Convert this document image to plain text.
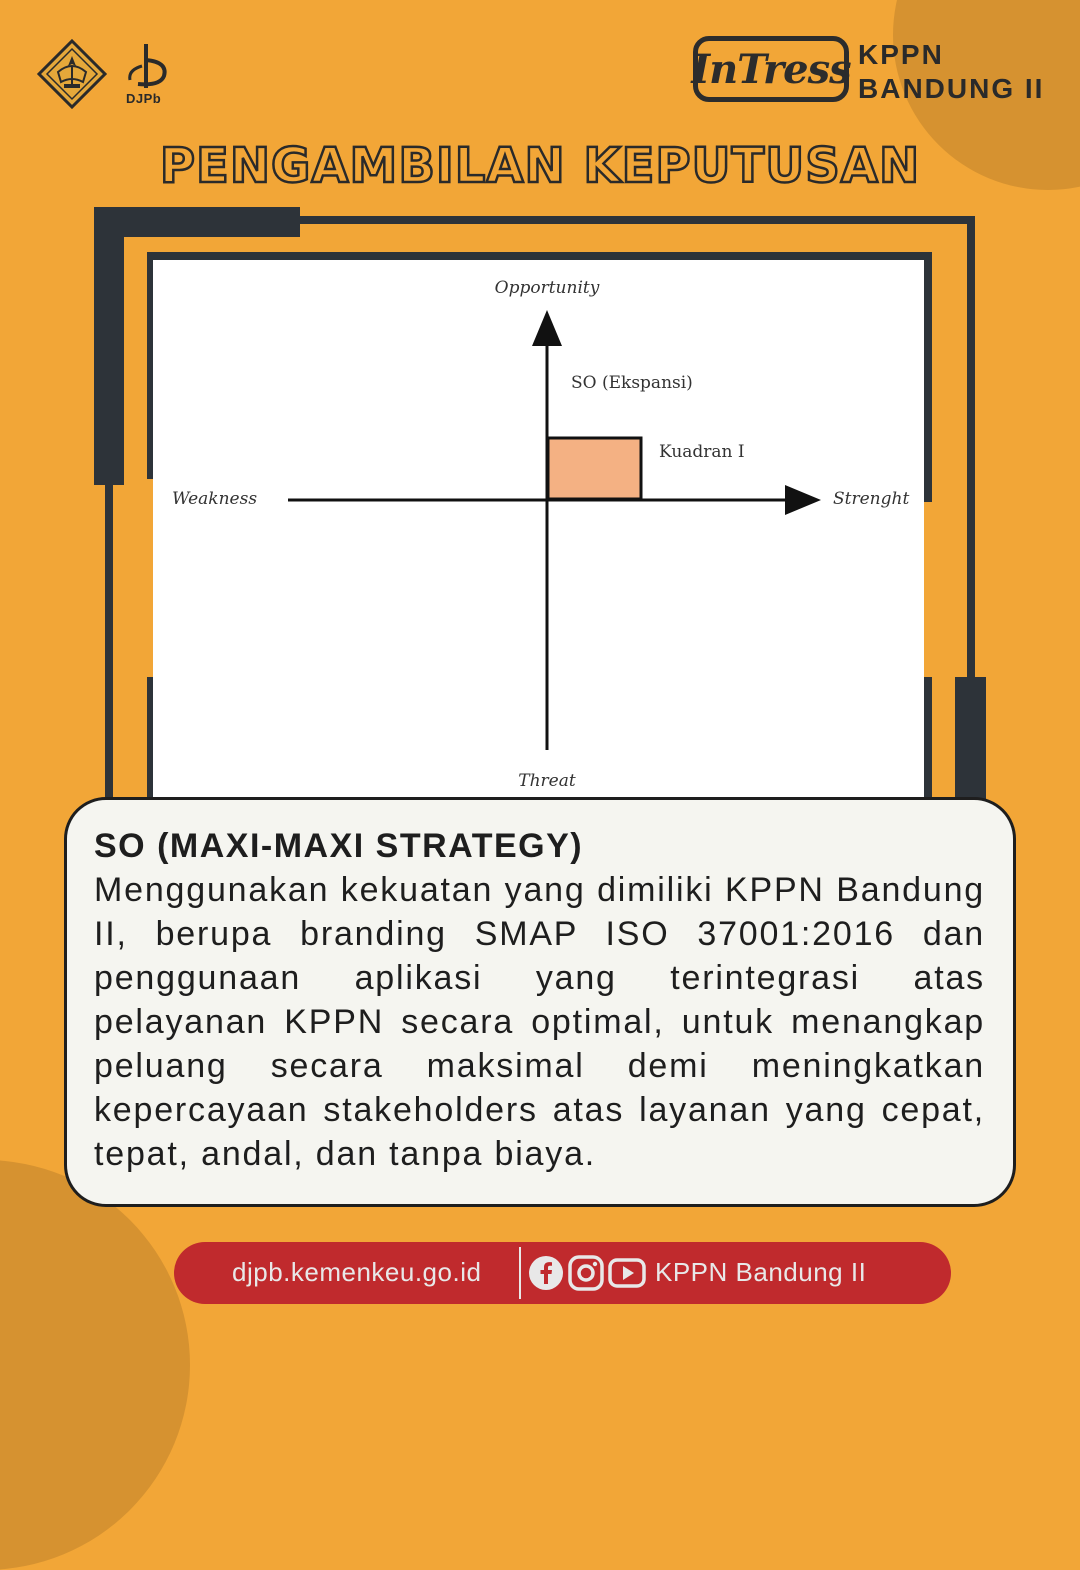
DJPb
InTress KPPN
BANDUNG II
PENGAMBILAN KEPUTUSAN
Opportunity
Threat
Weakness	Strenght
SO (Ekspansi)
Kuadran I
SO (MAXI-MAXI STRATEGY)
Menggunakan kekuatan yang dimiliki KPPN Bandung II, berupa branding SMAP ISO 37001:2016 dan penggunaan aplikasi yang terintegrasi atas pelayanan KPPN secara optimal, untuk menangkap peluang secara maksimal demi meningkatkan kepercayaan stakeholders atas layanan yang cepat, tepat, andal, dan tanpa biaya.
djpb.kemenkeu.go.id	KPPN Bandung II
